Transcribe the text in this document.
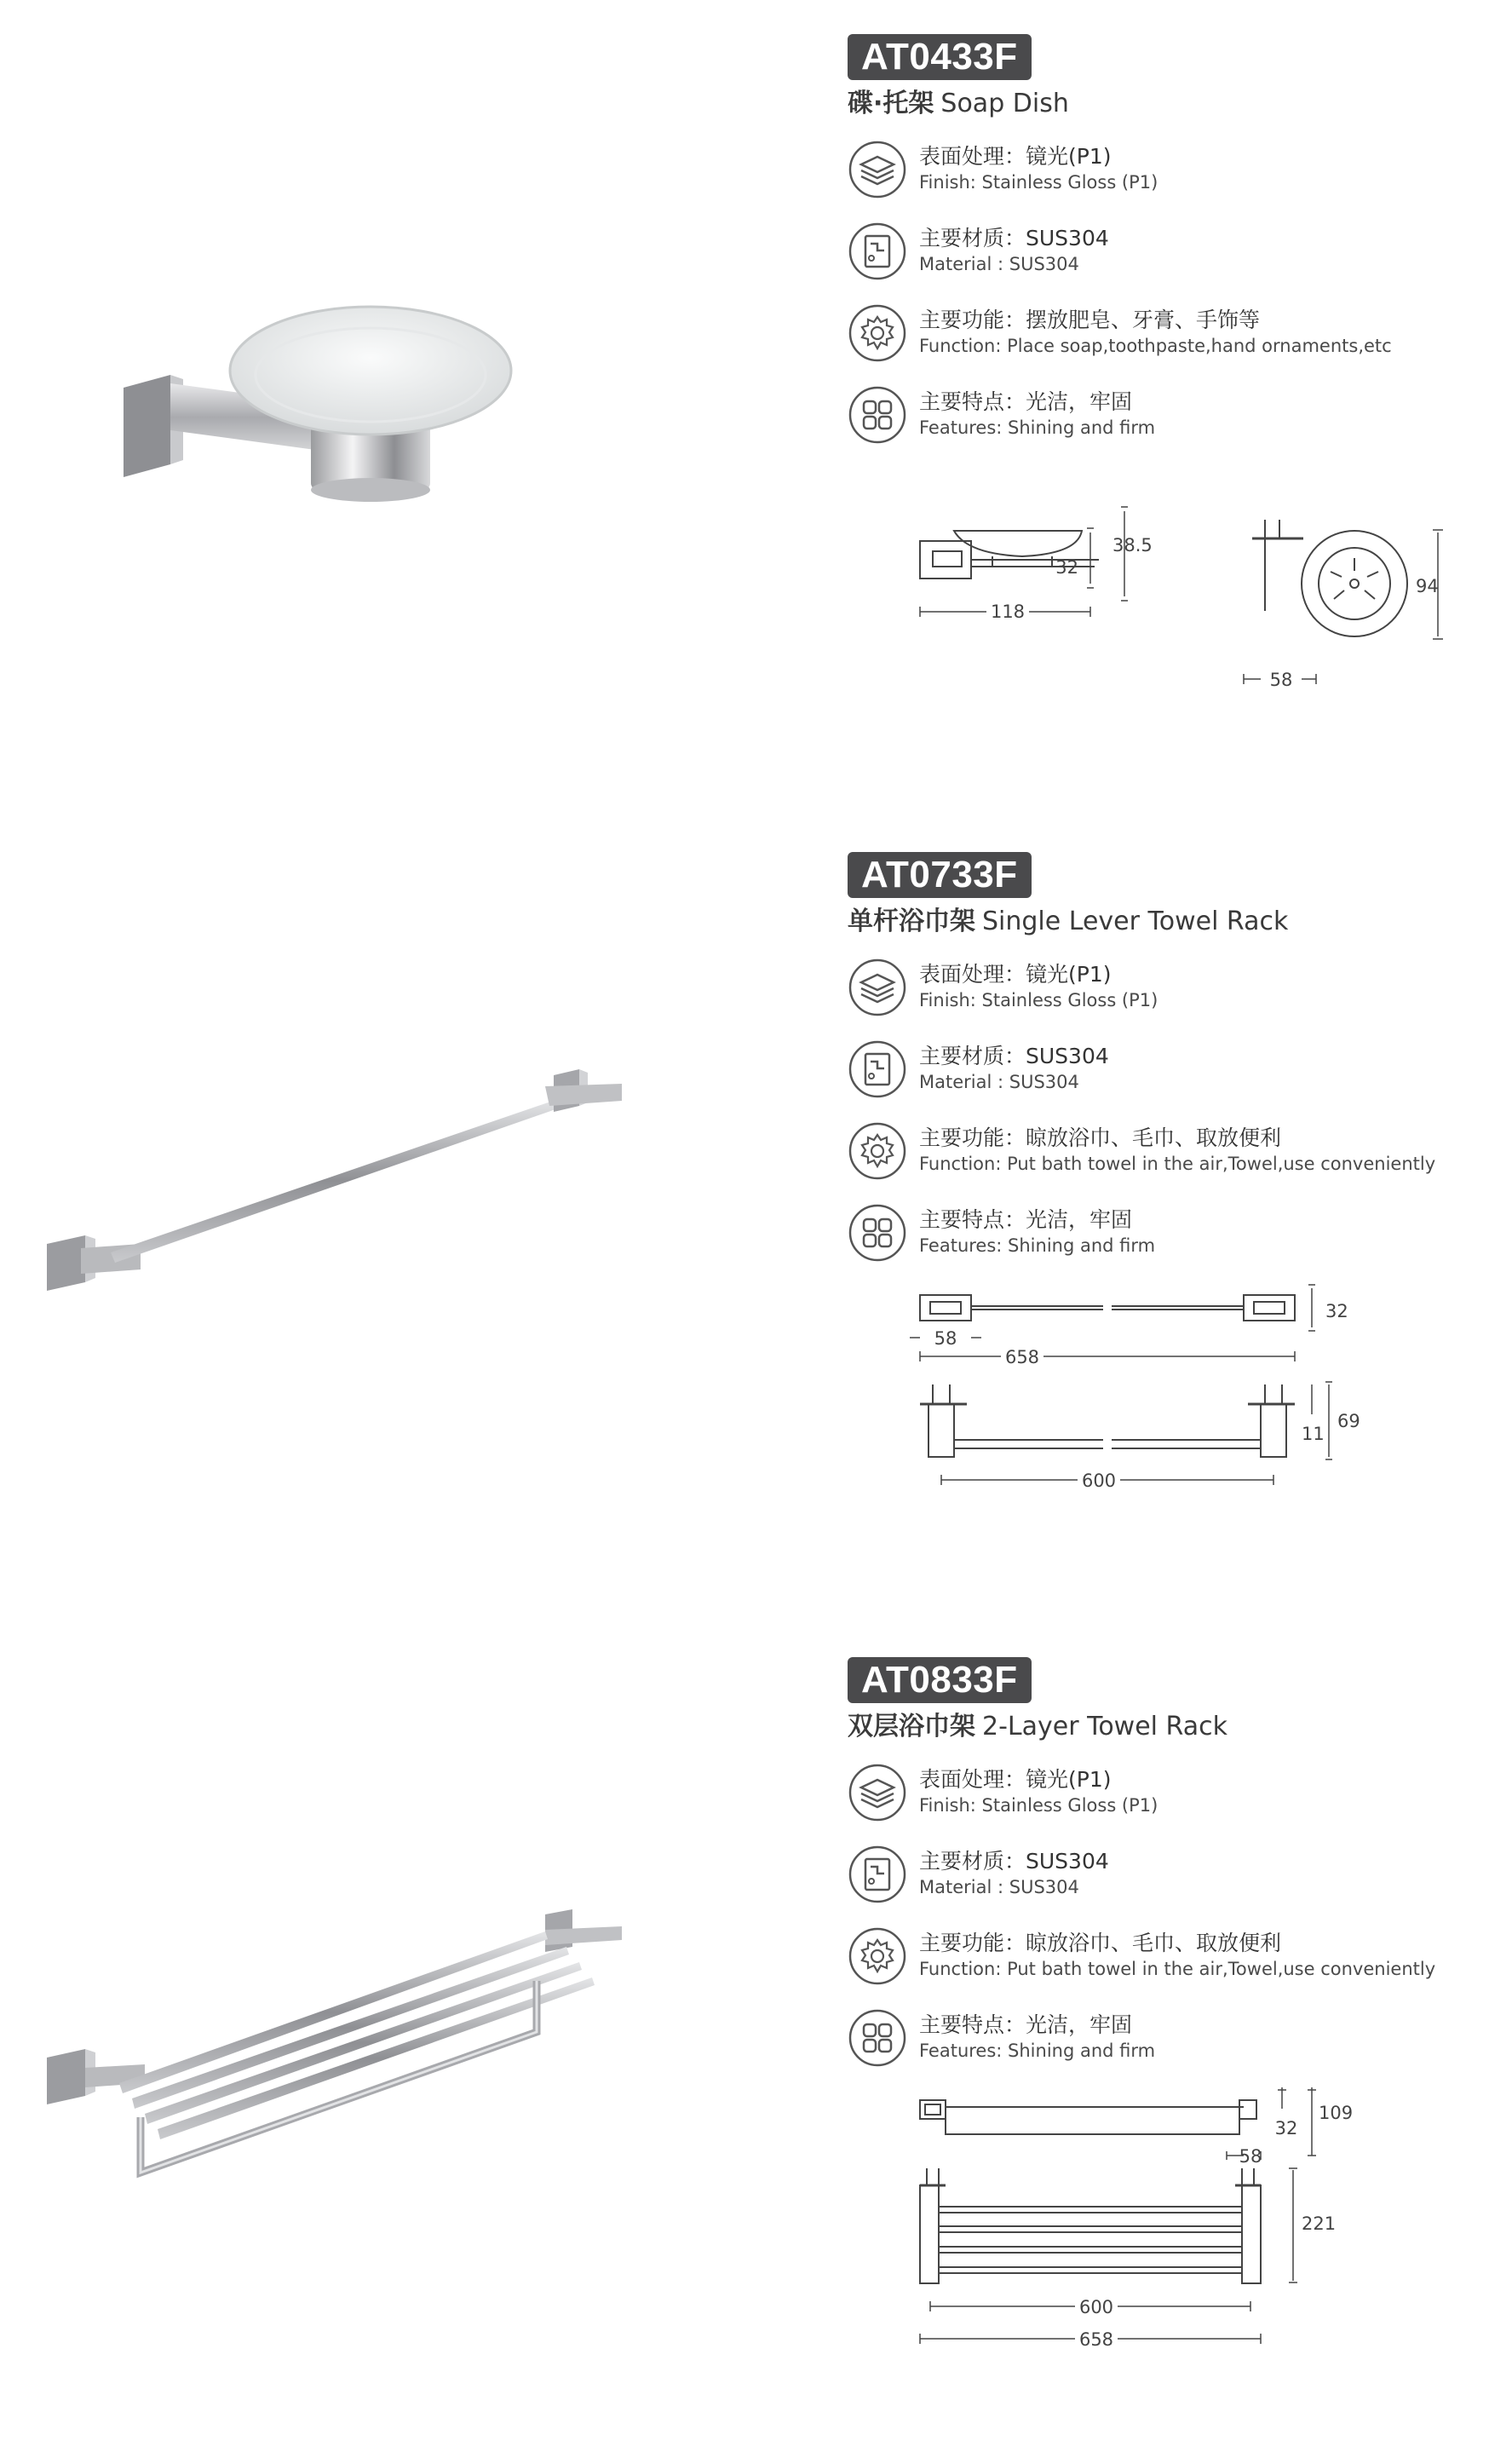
AT0433F
碟·托架 Soap Dish
表面处理：镜光(P1)
Finish: Stainless Gloss (P1)
主要材质：SUS304
Material : SUS304
主要功能：摆放肥皂、牙膏、手饰等
Function: Place soap,toothpaste,hand ornaments,etc
主要特点：光洁，牢固
Features: Shining and firm
38.5
32
118
94
58
AT0733F
单杆浴巾架 Single Lever Towel Rack
表面处理：镜光(P1)
Finish: Stainless Gloss (P1)
主要材质：SUS304
Material : SUS304
主要功能：晾放浴巾、毛巾、取放便利
Function: Put bath towel in the air,Towel,use conveniently
主要特点：光洁，牢固
Features: Shining and firm
32
58
658
69
11
600
AT0833F
双层浴巾架 2-Layer Towel Rack
表面处理：镜光(P1)
Finish: Stainless Gloss (P1)
主要材质：SUS304
Material : SUS304
主要功能：晾放浴巾、毛巾、取放便利
Function: Put bath towel in the air,Towel,use conveniently
主要特点：光洁，牢固
Features: Shining and firm
109
32
58
221
600
658
